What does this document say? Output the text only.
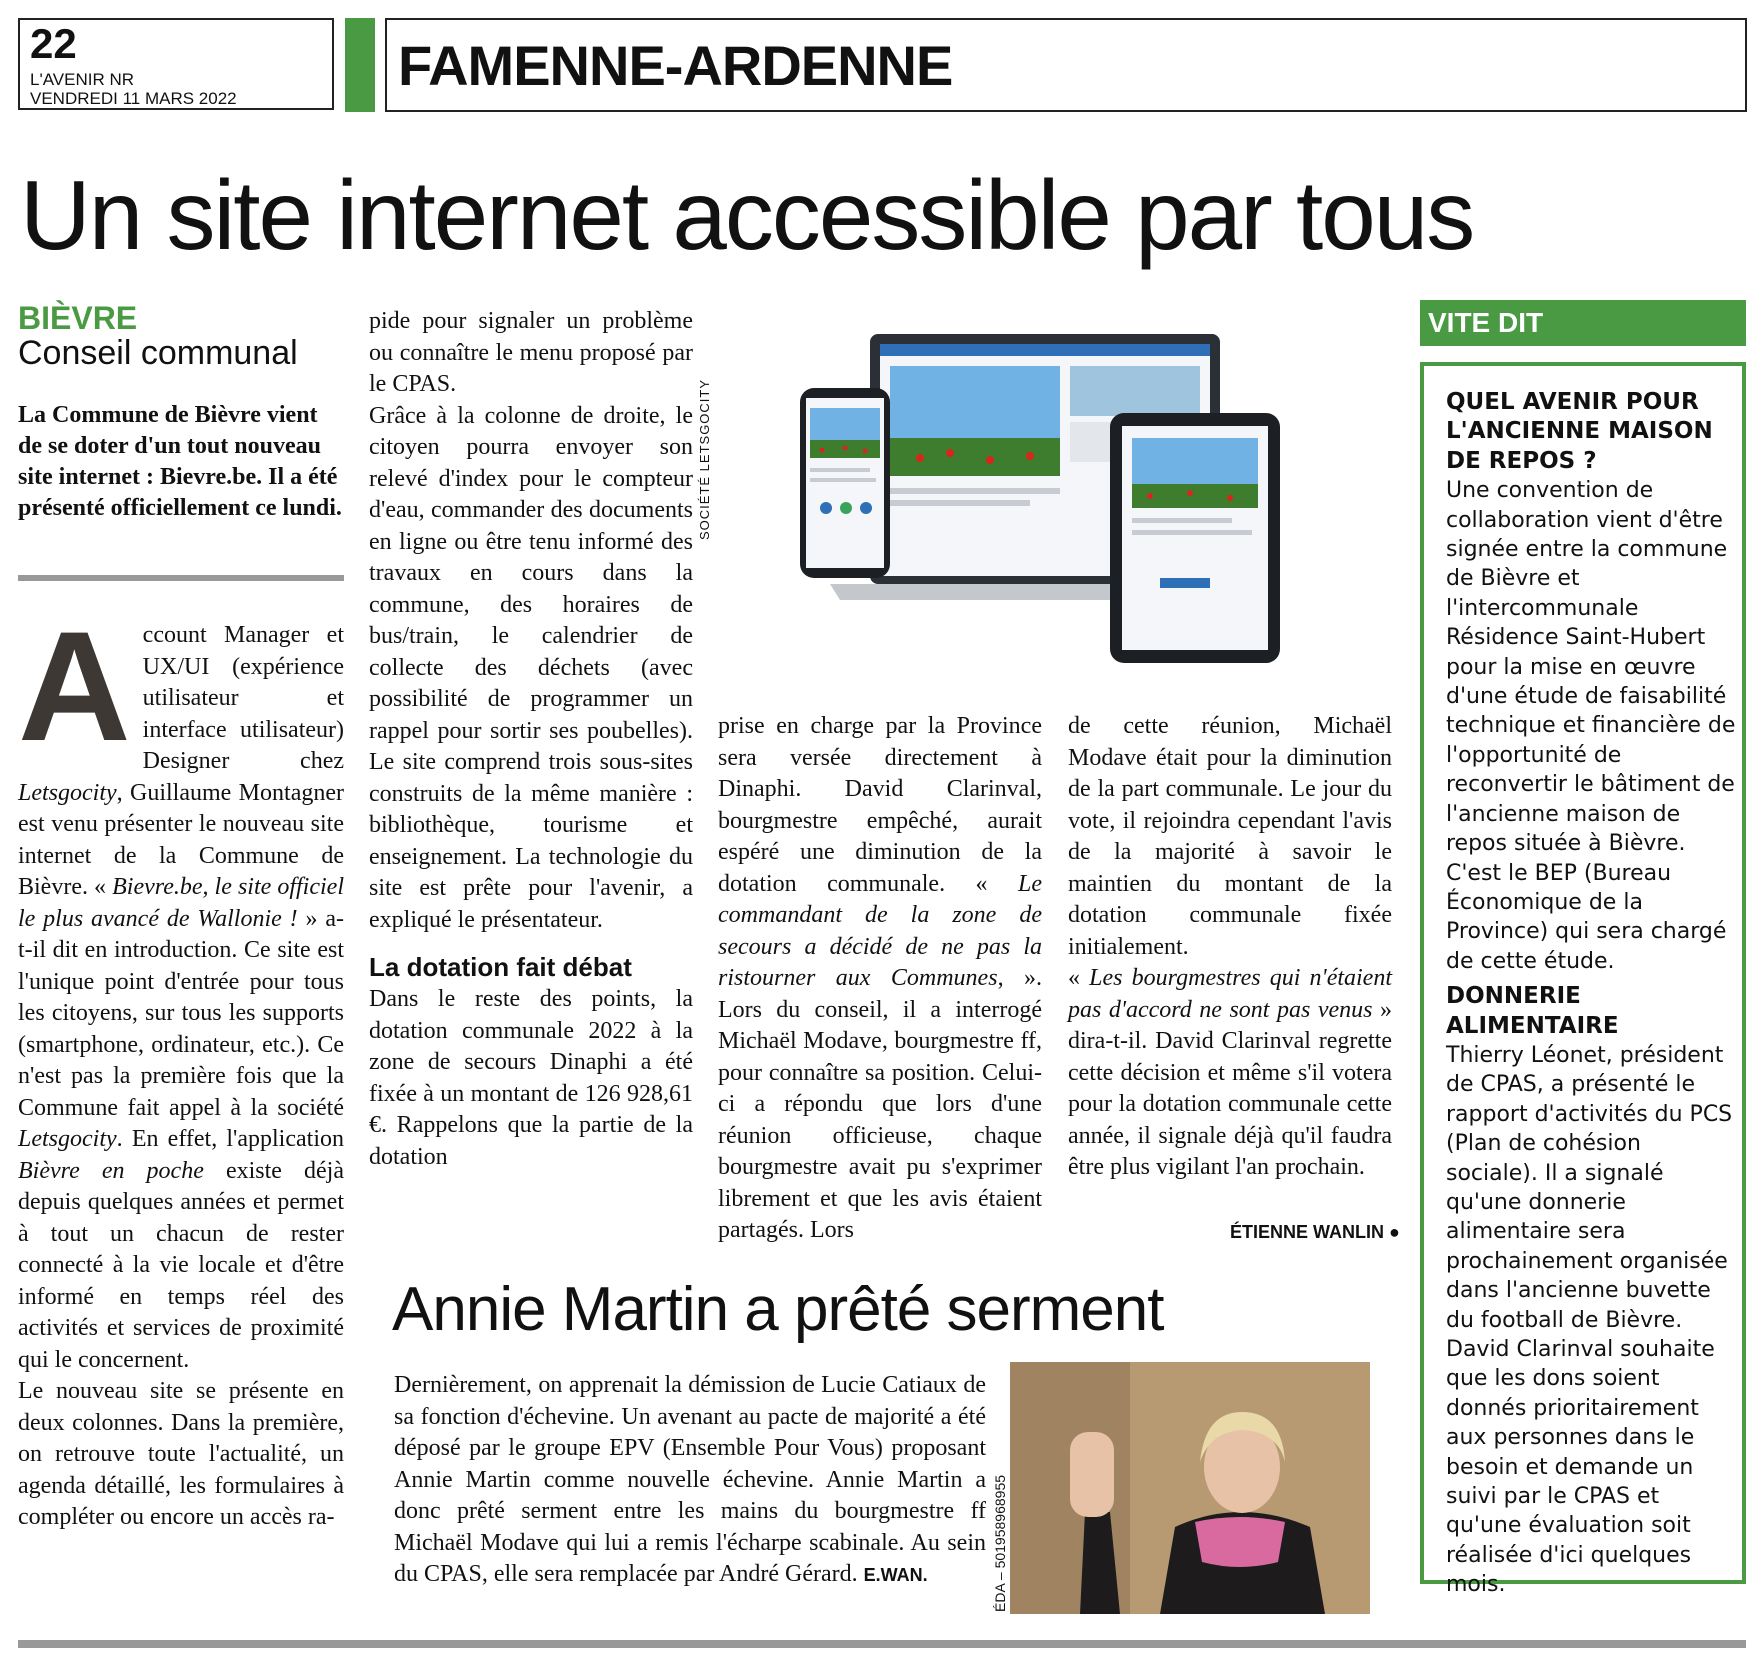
22
L'AVENIR NR
VENDREDI 11 MARS 2022
FAMENNE-ARDENNE
Un site internet accessible par tous
BIÈVRE
Conseil communal
La Commune de Bièvre vient de se doter d'un tout nouveau site internet : Bievre.be. Il a été présenté officiellement ce lundi.

Account Manager et UX/UI (expérience utilisateur et interface utilisateur) Designer chez Letsgocity, Guillaume Montagner est venu présenter le nouveau site internet de la Commune de Bièvre. « Bievre.be, le site officiel le plus avancé de Wallonie ! » a-t-il dit en introduction. Ce site est l'unique point d'entrée pour tous les citoyens, sur tous les supports (smartphone, ordinateur, etc.). Ce n'est pas la première fois que la Commune fait appel à la société Letsgocity. En effet, l'application Bièvre en poche existe déjà depuis quelques années et permet à tout un chacun de rester connecté à la vie locale et d'être informé en temps réel des activités et services de proximité qui le concernent.

Le nouveau site se présente en deux colonnes. Dans la première, on retrouve toute l'actualité, un agenda détaillé, les formulaires à compléter ou encore un accès ra-

pide pour signaler un problème ou connaître le menu proposé par le CPAS.

Grâce à la colonne de droite, le citoyen pourra envoyer son relevé d'index pour le compteur d'eau, commander des documents en ligne ou être tenu informé des travaux en cours dans la commune, des horaires de bus/train, le calendrier de collecte des déchets (avec possibilité de programmer un rappel pour sortir ses poubelles). Le site comprend trois sous-sites construits de la même manière : bibliothèque, tourisme et enseignement. La technologie du site est prête pour l'avenir, a expliqué le présentateur.

La dotation fait débat

Dans le reste des points, la dotation communale 2022 à la zone de secours Dinaphi a été fixée à un montant de 126 928,61 €. Rappelons que la partie de la dotation

SOCIÉTÉ LETSGOCITY

prise en charge par la Province sera versée directement à Dinaphi. David Clarinval, bourgmestre empêché, aurait espéré une diminution de la dotation communale. « Le commandant de la zone de secours a décidé de ne pas la ristourner aux Communes, ». Lors du conseil, il a interrogé Michaël Modave, bourgmestre ff, pour connaître sa position. Celui-ci a répondu que lors d'une réunion officieuse, chaque bourgmestre avait pu s'exprimer librement et que les avis étaient partagés. Lors

de cette réunion, Michaël Modave était pour la diminution de la part communale. Le jour du vote, il rejoindra cependant l'avis de la majorité à savoir le maintien du montant de la dotation communale fixée initialement.

« Les bourgmestres qui n'étaient pas d'accord ne sont pas venus » dira-t-il. David Clarinval regrette cette décision et même s'il votera pour la dotation communale cette année, il signale déjà qu'il faudra être plus vigilant l'an prochain.

ÉTIENNE WANLIN ●
Annie Martin a prêté serment

Dernièrement, on apprenait la démission de Lucie Catiaux de sa fonction d'échevine. Un avenant au pacte de majorité a été déposé par le groupe EPV (Ensemble Pour Vous) proposant Annie Martin comme nouvelle échevine. Annie Martin a donc prêté serment entre les mains du bourgmestre ff Michaël Modave qui lui a remis l'écharpe scabinale. Au sein du CPAS, elle sera remplacée par André Gérard. E.WAN.	ÉDA – 501958968955
VITE DIT
QUEL AVENIR POUR L'ANCIENNE MAISON DE REPOS ?

Une convention de collaboration vient d'être signée entre la commune de Bièvre et l'intercommunale Résidence Saint-Hubert pour la mise en œuvre d'une étude de faisabilité technique et financière de l'opportunité de reconvertir le bâtiment de l'ancienne maison de repos située à Bièvre. C'est le BEP (Bureau Économique de la Province) qui sera chargé de cette étude.

DONNERIE ALIMENTAIRE

Thierry Léonet, président de CPAS, a présenté le rapport d'activités du PCS (Plan de cohésion sociale). Il a signalé qu'une donnerie alimentaire sera prochainement organisée dans l'ancienne buvette du football de Bièvre. David Clarinval souhaite que les dons soient donnés prioritairement aux personnes dans le besoin et demande un suivi par le CPAS et qu'une évaluation soit réalisée d'ici quelques mois.
